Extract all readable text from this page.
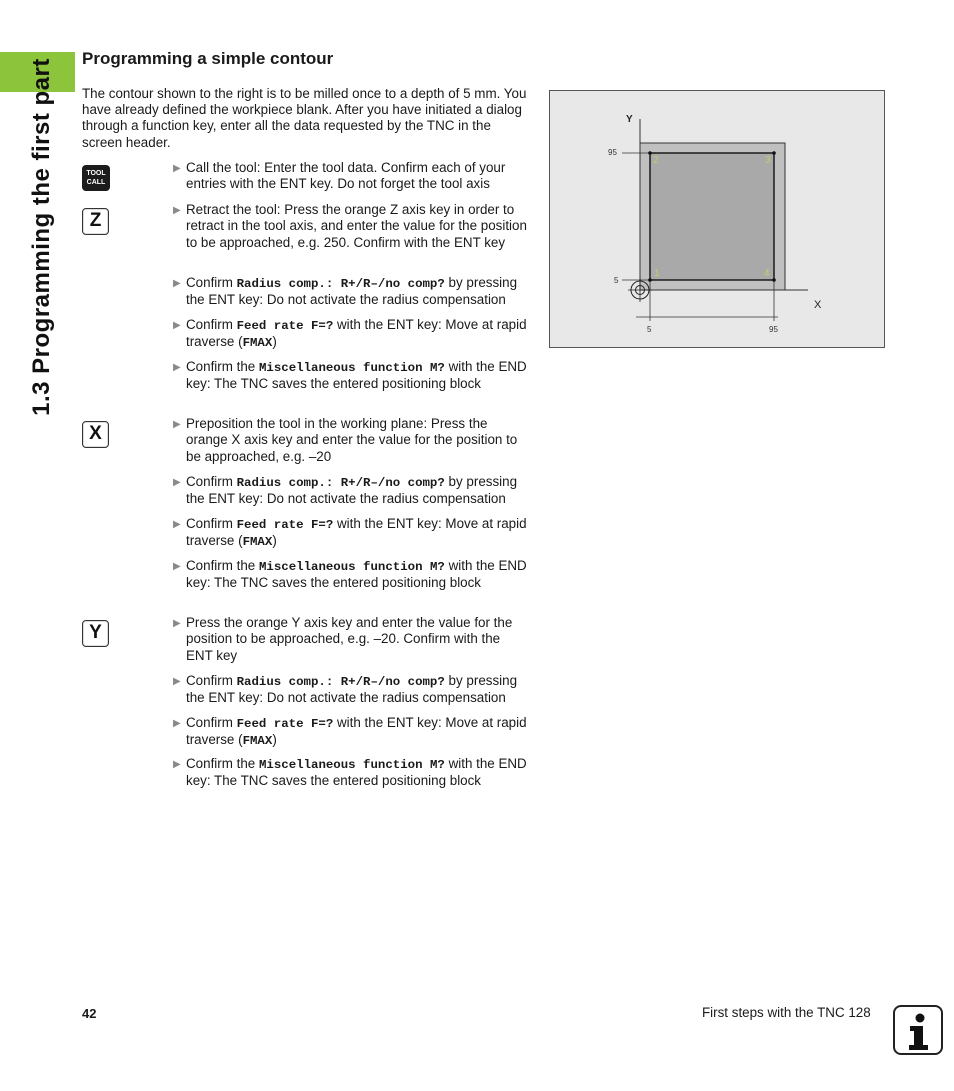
1.3 Programming the first part Programming a simple contour

The contour shown to the right is to be milled once to a depth of 5 mm. You have already defined the workpiece blank. After you have initiated a dialog through a function key, enter all the data requested by the TNC in the screen header.

TOOL
CALL
Z
X
Y
▶ Call the tool: Enter the tool data. Confirm each of your entries with the ENT key. Do not forget the tool axis
▶ Retract the tool: Press the orange Z axis key in order to retract in the tool axis, and enter the value for the position to be approached, e.g. 250. Confirm with the ENT key
▶ Confirm Radius comp.: R+/R–/no comp? by pressing the ENT key: Do not activate the radius compensation
▶ Confirm Feed rate F=? with the ENT key: Move at rapid traverse (FMAX)
▶ Confirm the Miscellaneous function M? with the END key: The TNC saves the entered positioning block
▶ Preposition the tool in the working plane: Press the orange X axis key and enter the value for the position to be approached, e.g. –20
▶ Confirm Radius comp.: R+/R–/no comp? by pressing the ENT key: Do not activate the radius compensation
▶ Confirm Feed rate F=? with the ENT key: Move at rapid traverse (FMAX)
▶ Confirm the Miscellaneous function M? with the END key: The TNC saves the entered positioning block
▶ Press the orange Y axis key and enter the value for the position to be approached, e.g. –20. Confirm with the ENT key
▶ Confirm Radius comp.: R+/R–/no comp? by pressing the ENT key: Do not activate the radius compensation
▶ Confirm Feed rate F=? with the ENT key: Move at rapid traverse (FMAX)
▶ Confirm the Miscellaneous function M? with the END key: The TNC saves the entered positioning block
Y
X
95
5
5	95
2	3
1	4
42	First steps with the TNC 128
